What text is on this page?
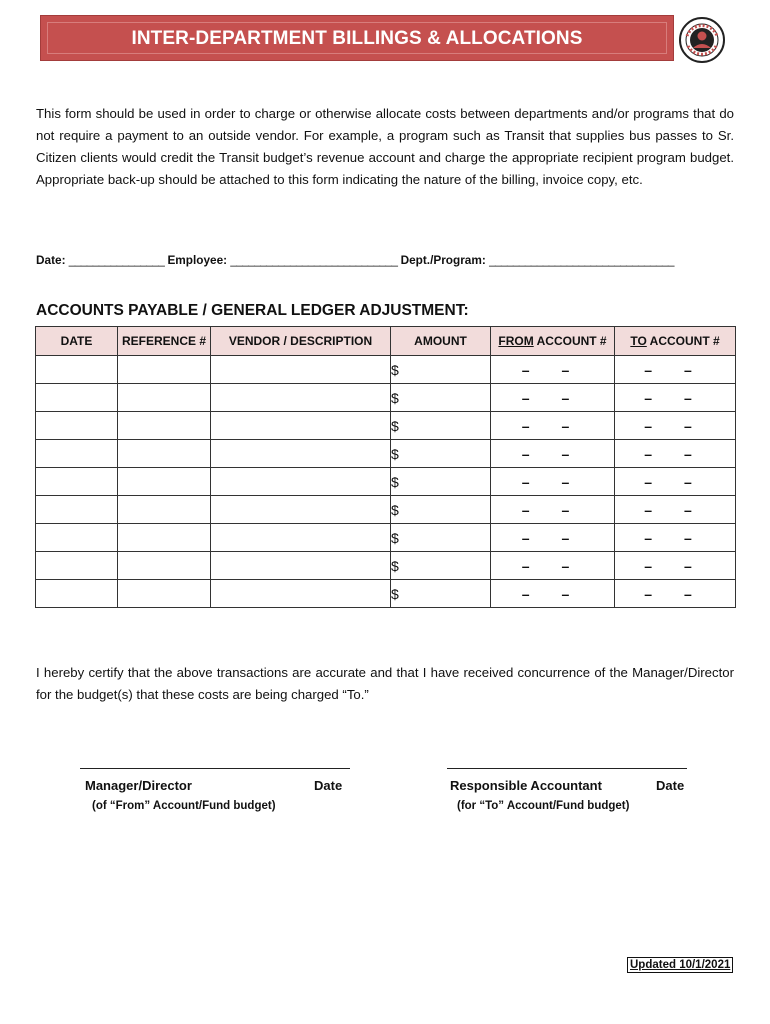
INTER-DEPARTMENT BILLINGS & ALLOCATIONS

This form should be used in order to charge or otherwise allocate costs between departments and/or programs that do not require a payment to an outside vendor. For example, a program such as Transit that supplies bus passes to Sr. Citizen clients would credit the Transit budget’s revenue account and charge the appropriate recipient program budget. Appropriate back-up should be attached to this form indicating the nature of the billing, invoice copy, etc.

Date: ________________ Employee: ____________________________ Dept./Program: _______________________________
ACCOUNTS PAYABLE / GENERAL LEDGER ADJUSTMENT:
DATE	REFERENCE #	VENDOR / DESCRIPTION	AMOUNT	FROM ACCOUNT #	TO ACCOUNT #
			$	– –	– –
			$	– –	– –
			$	– –	– –
			$	– –	– –
			$	– –	– –
			$	– –	– –
			$	– –	– –
			$	– –	– –
			$	– –	– –

I hereby certify that the above transactions are accurate and that I have received concurrence of the Manager/Director for the budget(s) that these costs are being charged “To.”

Manager/Director	Date
(of “From” Account/Fund budget)
Responsible Accountant	Date
(for “To” Account/Fund budget)
Updated 10/1/2021
